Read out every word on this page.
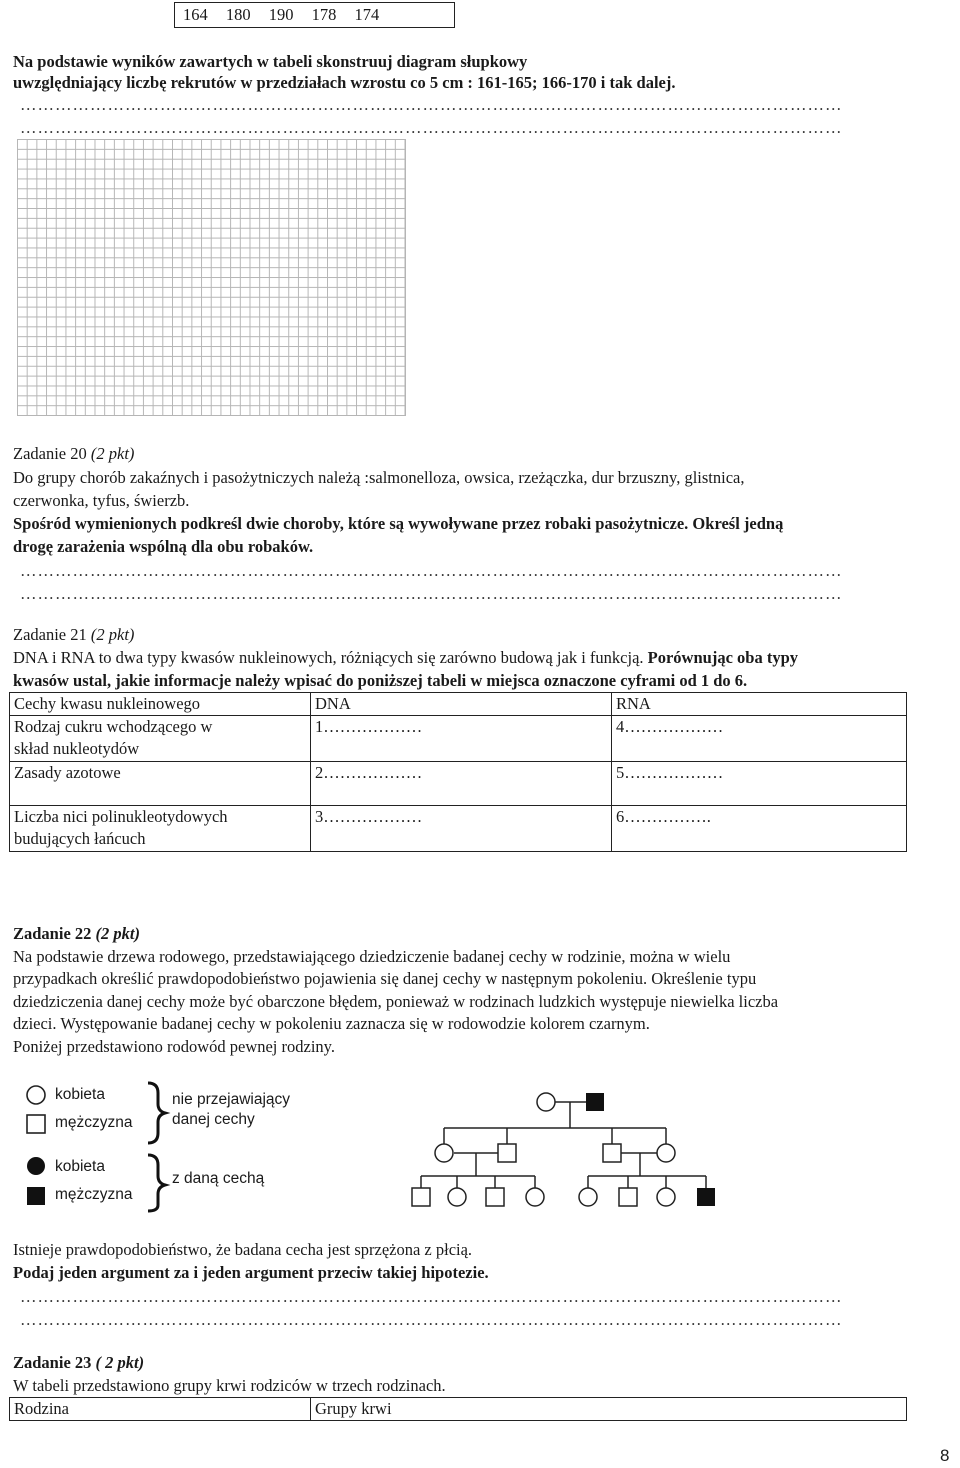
164 180 190 178 174
Na podstawie wyników zawartych w tabeli skonstruuj diagram słupkowy
uwzględniający liczbę rekrutów w przedziałach wzrostu co 5 cm : 161-165; 166-170 i tak dalej.
……………………………………………………………………………………………………………………………
……………………………………………………………………………………………………………………………
Zadanie 20 (2 pkt)
Do grupy chorób zakaźnych i pasożytniczych należą :salmonelloza, owsica, rzeżączka, dur brzuszny, glistnica,
czerwonka, tyfus, świerzb.
Spośród wymienionych podkreśl dwie choroby, które są wywoływane przez robaki pasożytnicze. Określ jedną
drogę zarażenia wspólną dla obu robaków.
……………………………………………………………………………………………………………………………
……………………………………………………………………………………………………………………………
Zadanie 21 (2 pkt)
DNA i RNA to dwa typy kwasów nukleinowych, różniących się zarówno budową jak i funkcją. Porównując oba typy
kwasów ustal, jakie informacje należy wpisać do poniższej tabeli w miejsca oznaczone cyframi od 1 do 6.
Cechy kwasu nukleinowego	DNA	RNA
Rodzaj cukru wchodzącego w
skład nukleotydów	1………………	4………………
Zasady azotowe	2………………	5………………
Liczba nici polinukleotydowych
budujących łańcuch	3………………	6…………….
Zadanie 22 (2 pkt)
Na podstawie drzewa rodowego, przedstawiającego dziedziczenie badanej cechy w rodzinie, można w wielu
przypadkach określić prawdopodobieństwo pojawienia się danej cechy w następnym pokoleniu. Określenie typu
dziedziczenia danej cechy może być obarczone błędem, ponieważ w rodzinach ludzkich występuje niewielka liczba
dzieci. Występowanie badanej cechy w pokoleniu zaznacza się w rodowodzie kolorem czarnym.
Poniżej przedstawiono rodowód pewnej rodziny.
kobieta
mężczyzna
kobieta
mężczyzna
nie przejawiający
danej cechy
z daną cechą
Istnieje prawdopodobieństwo, że badana cecha jest sprzężona z płcią.
Podaj jeden argument za i jeden argument przeciw takiej hipotezie.
……………………………………………………………………………………………………………………………
……………………………………………………………………………………………………………………………
Zadanie 23 ( 2 pkt)
W tabeli przedstawiono grupy krwi rodziców w trzech rodzinach.
Rodzina	Grupy krwi
8
